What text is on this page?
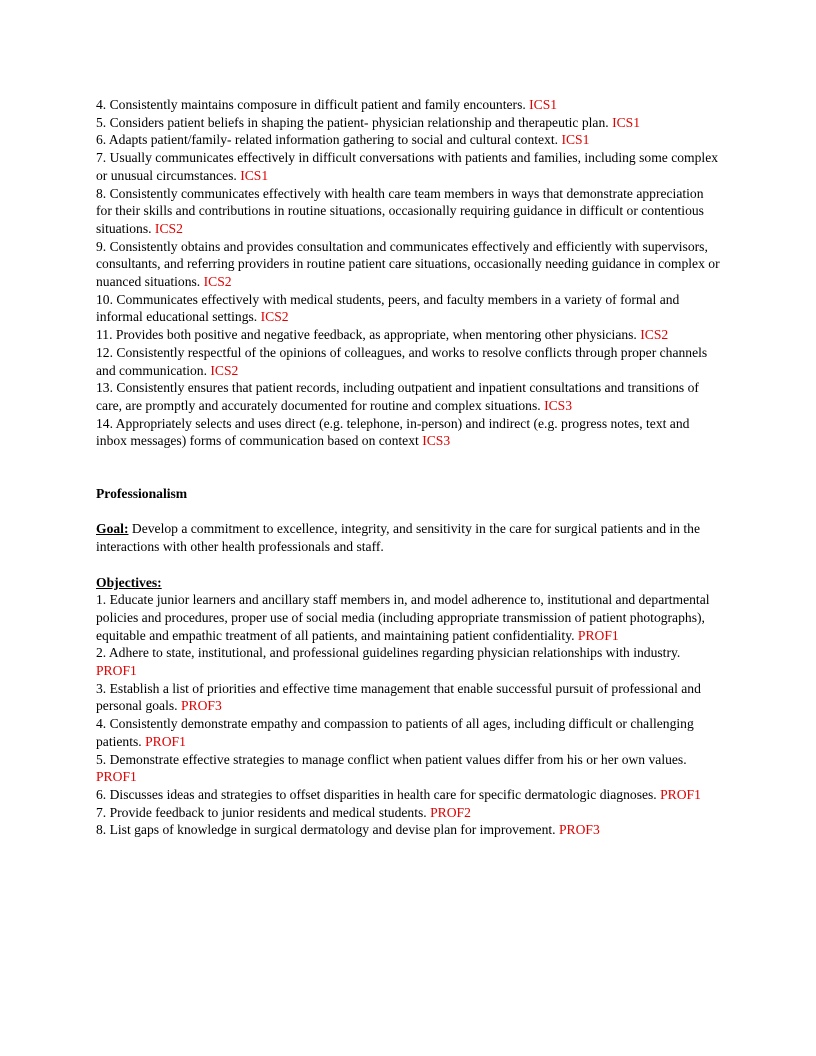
4. Consistently maintains composure in difficult patient and family encounters. ICS1

5. Considers patient beliefs in shaping the patient- physician relationship and therapeutic plan. ICS1

6. Adapts patient/family- related information gathering to social and cultural context. ICS1

7. Usually communicates effectively in difficult conversations with patients and families, including some complex or unusual circumstances. ICS1

8. Consistently communicates effectively with health care team members in ways that demonstrate appreciation for their skills and contributions in routine situations, occasionally requiring guidance in difficult or contentious situations. ICS2

9. Consistently obtains and provides consultation and communicates effectively and efficiently with supervisors, consultants, and referring providers in routine patient care situations, occasionally needing guidance in complex or nuanced situations. ICS2

10. Communicates effectively with medical students, peers, and faculty members in a variety of formal and informal educational settings. ICS2

11. Provides both positive and negative feedback, as appropriate, when mentoring other physicians. ICS2

12. Consistently respectful of the opinions of colleagues, and works to resolve conflicts through proper channels and communication. ICS2

13. Consistently ensures that patient records, including outpatient and inpatient consultations and transitions of care, are promptly and accurately documented for routine and complex situations. ICS3

14. Appropriately selects and uses direct (e.g. telephone, in-person) and indirect (e.g. progress notes, text and inbox messages) forms of communication based on context ICS3

Professionalism

Goal: Develop a commitment to excellence, integrity, and sensitivity in the care for surgical patients and in the interactions with other health professionals and staff.

Objectives:

1. Educate junior learners and ancillary staff members in, and model adherence to, institutional and departmental policies and procedures, proper use of social media (including appropriate transmission of patient photographs), equitable and empathic treatment of all patients, and maintaining patient confidentiality. PROF1

2. Adhere to state, institutional, and professional guidelines regarding physician relationships with industry. PROF1

3. Establish a list of priorities and effective time management that enable successful pursuit of professional and personal goals. PROF3

4. Consistently demonstrate empathy and compassion to patients of all ages, including difficult or challenging patients. PROF1

5. Demonstrate effective strategies to manage conflict when patient values differ from his or her own values. PROF1

6. Discusses ideas and strategies to offset disparities in health care for specific dermatologic diagnoses. PROF1

7. Provide feedback to junior residents and medical students. PROF2

8. List gaps of knowledge in surgical dermatology and devise plan for improvement. PROF3
